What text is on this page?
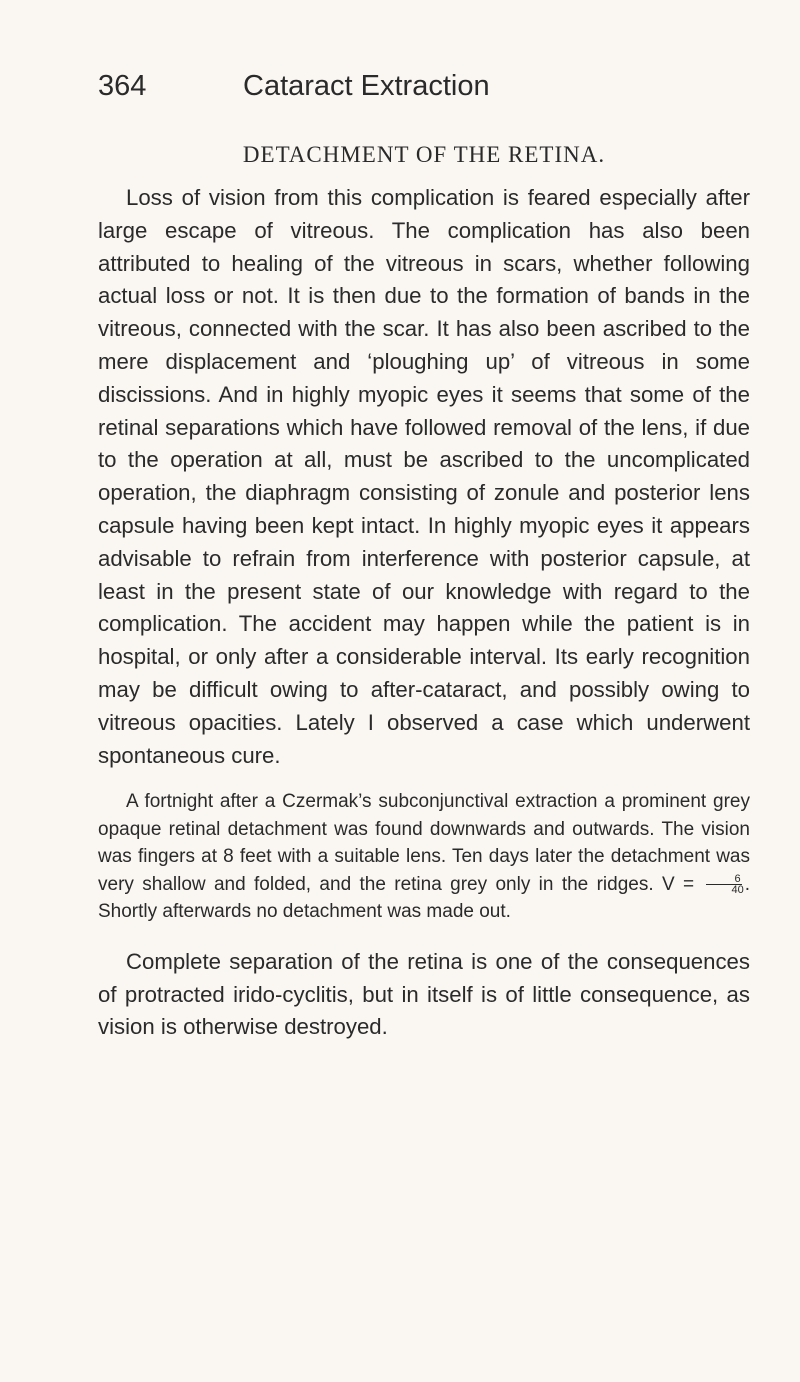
364	Cataract Extraction
DETACHMENT OF THE RETINA.

Loss of vision from this complication is feared especially after large escape of vitreous. The complication has also been attributed to healing of the vitreous in scars, whether following actual loss or not. It is then due to the formation of bands in the vitreous, connected with the scar. It has also been ascribed to the mere displacement and ‘ploughing up’ of vitreous in some discissions. And in highly myopic eyes it seems that some of the retinal separations which have followed removal of the lens, if due to the operation at all, must be ascribed to the uncomplicated operation, the diaphragm consisting of zonule and posterior lens capsule having been kept intact. In highly myopic eyes it appears advisable to refrain from interference with posterior capsule, at least in the present state of our knowledge with regard to the complication. The accident may happen while the patient is in hospital, or only after a considerable interval. Its early recognition may be difficult owing to after-cataract, and possibly owing to vitreous opacities. Lately I observed a case which underwent spontaneous cure.

A fortnight after a Czermak’s subconjunctival extraction a prominent grey opaque retinal detachment was found downwards and outwards. The vision was fingers at 8 feet with a suitable lens. Ten days later the detachment was very shallow and folded, and the retina grey only in the ridges. $V = \frac{6}{40}$ . Shortly afterwards no detachment was made out.

Complete separation of the retina is one of the consequences of protracted irido-cyclitis, but in itself is of little consequence, as vision is otherwise destroyed.
